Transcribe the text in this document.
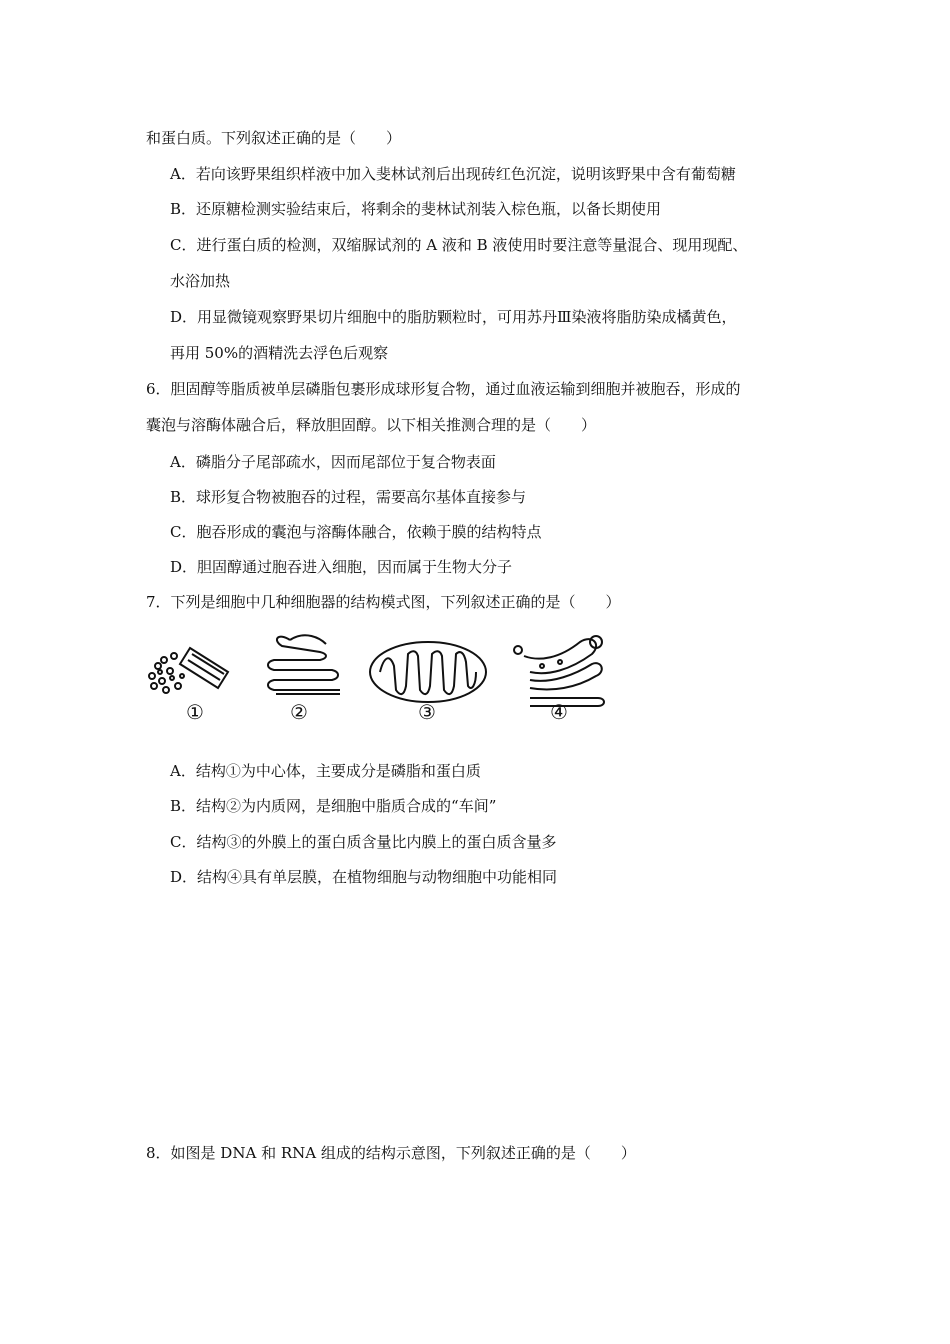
和蛋白质。下列叙述正确的是（　　）
A．若向该野果组织样液中加入斐林试剂后出现砖红色沉淀，说明该野果中含有葡萄糖
B．还原糖检测实验结束后，将剩余的斐林试剂装入棕色瓶，以备长期使用
C．进行蛋白质的检测，双缩脲试剂的 A 液和 B 液使用时要注意等量混合、现用现配、
水浴加热
D．用显微镜观察野果切片细胞中的脂肪颗粒时，可用苏丹Ⅲ染液将脂肪染成橘黄色，
再用 50%的酒精洗去浮色后观察
6．胆固醇等脂质被单层磷脂包裹形成球形复合物，通过血液运输到细胞并被胞吞，形成的
囊泡与溶酶体融合后，释放胆固醇。以下相关推测合理的是（　　）
A．磷脂分子尾部疏水，因而尾部位于复合物表面
B．球形复合物被胞吞的过程，需要高尔基体直接参与
C．胞吞形成的囊泡与溶酶体融合，依赖于膜的结构特点
D．胆固醇通过胞吞进入细胞，因而属于生物大分子
7．下列是细胞中几种细胞器的结构模式图，下列叙述正确的是（　　）
①	②	③	④
A．结构①为中心体，主要成分是磷脂和蛋白质
B．结构②为内质网，是细胞中脂质合成的“车间”
C．结构③的外膜上的蛋白质含量比内膜上的蛋白质含量多
D．结构④具有单层膜，在植物细胞与动物细胞中功能相同
8．如图是 DNA 和 RNA 组成的结构示意图，下列叙述正确的是（　　）
